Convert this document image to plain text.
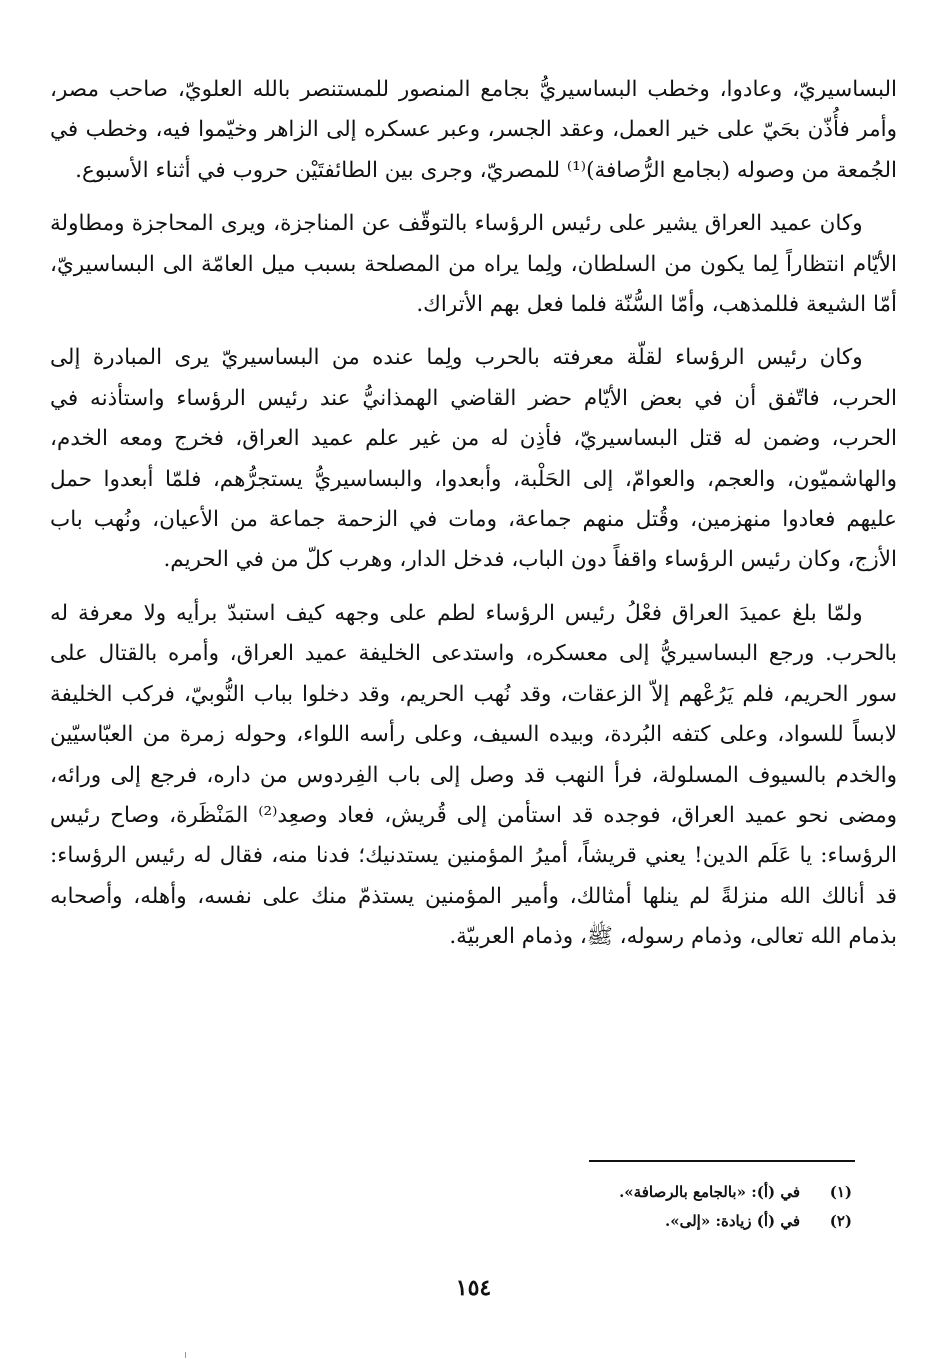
البساسيريّ، وعادوا، وخطب البساسيريُّ بجامع المنصور للمستنصر بالله العلويّ، صاحب مصر، وأمر فأُذّن بحَيّ على خير العمل، وعقد الجسر، وعبر عسكره إلى الزاهر وخيّموا فيه، وخطب في الجُمعة من وصوله (بجامع الرُّصافة)⁽¹⁾ للمصريّ، وجرى بين الطائفتَيْن حروب في أثناء الأسبوع.

وكان عميد العراق يشير على رئيس الرؤساء بالتوقّف عن المناجزة، ويرى المحاجزة ومطاولة الأيّام انتظاراً لِما يكون من السلطان، ولِما يراه من المصلحة بسبب ميل العامّة الى البساسيريّ، أمّا الشيعة فللمذهب، وأمّا السُّنّة فلما فعل بهم الأتراك.

وكان رئيس الرؤساء لقلّة معرفته بالحرب ولِما عنده من البساسيريّ يرى المبادرة إلى الحرب، فاتّفق أن في بعض الأيّام حضر القاضي الهمذانيُّ عند رئيس الرؤساء واستأذنه في الحرب، وضمن له قتل البساسيريّ، فأذِن له من غير علم عميد العراق، فخرج ومعه الخدم، والهاشميّون، والعجم، والعوامّ، إلى الحَلْبة، وأبعدوا، والبساسيريُّ يستجرُّهم، فلمّا أبعدوا حمل عليهم فعادوا منهزمين، وقُتل منهم جماعة، ومات في الزحمة جماعة من الأعيان، ونُهب باب الأزج، وكان رئيس الرؤساء واقفاً دون الباب، فدخل الدار، وهرب كلّ من في الحريم.

ولمّا بلغ عميدَ العراق فعْلُ رئيس الرؤساء لطم على وجهه كيف استبدّ برأيه ولا معرفة له بالحرب. ورجع البساسيريُّ إلى معسكره، واستدعى الخليفة عميد العراق، وأمره بالقتال على سور الحريم، فلم يَرُعْهم إلاّ الزعقات، وقد نُهب الحريم، وقد دخلوا بباب النُّوبيّ، فركب الخليفة لابساً للسواد، وعلى كتفه البُردة، وبيده السيف، وعلى رأسه اللواء، وحوله زمرة من العبّاسيّين والخدم بالسيوف المسلولة، فرأ النهب قد وصل إلى باب الفِردوس من داره، فرجع إلى ورائه، ومضى نحو عميد العراق، فوجده قد استأمن إلى قُريش، فعاد وصعِد⁽²⁾ المَنْظَرة، وصاح رئيس الرؤساء: يا عَلَم الدين! يعني قريشاً، أميرُ المؤمنين يستدنيك؛ فدنا منه، فقال له رئيس الرؤساء: قد أنالك الله منزلةً لم ينلها أمثالك، وأمير المؤمنين يستذمّ منك على نفسه، وأهله، وأصحابه بذمام الله تعالى، وذمام رسوله، ﷺ، وذمام العربيّة.

(١)في (أ): «بالجامع بالرصافة».

(٢)في (أ) زيادة: «إلى».

١٥٤
